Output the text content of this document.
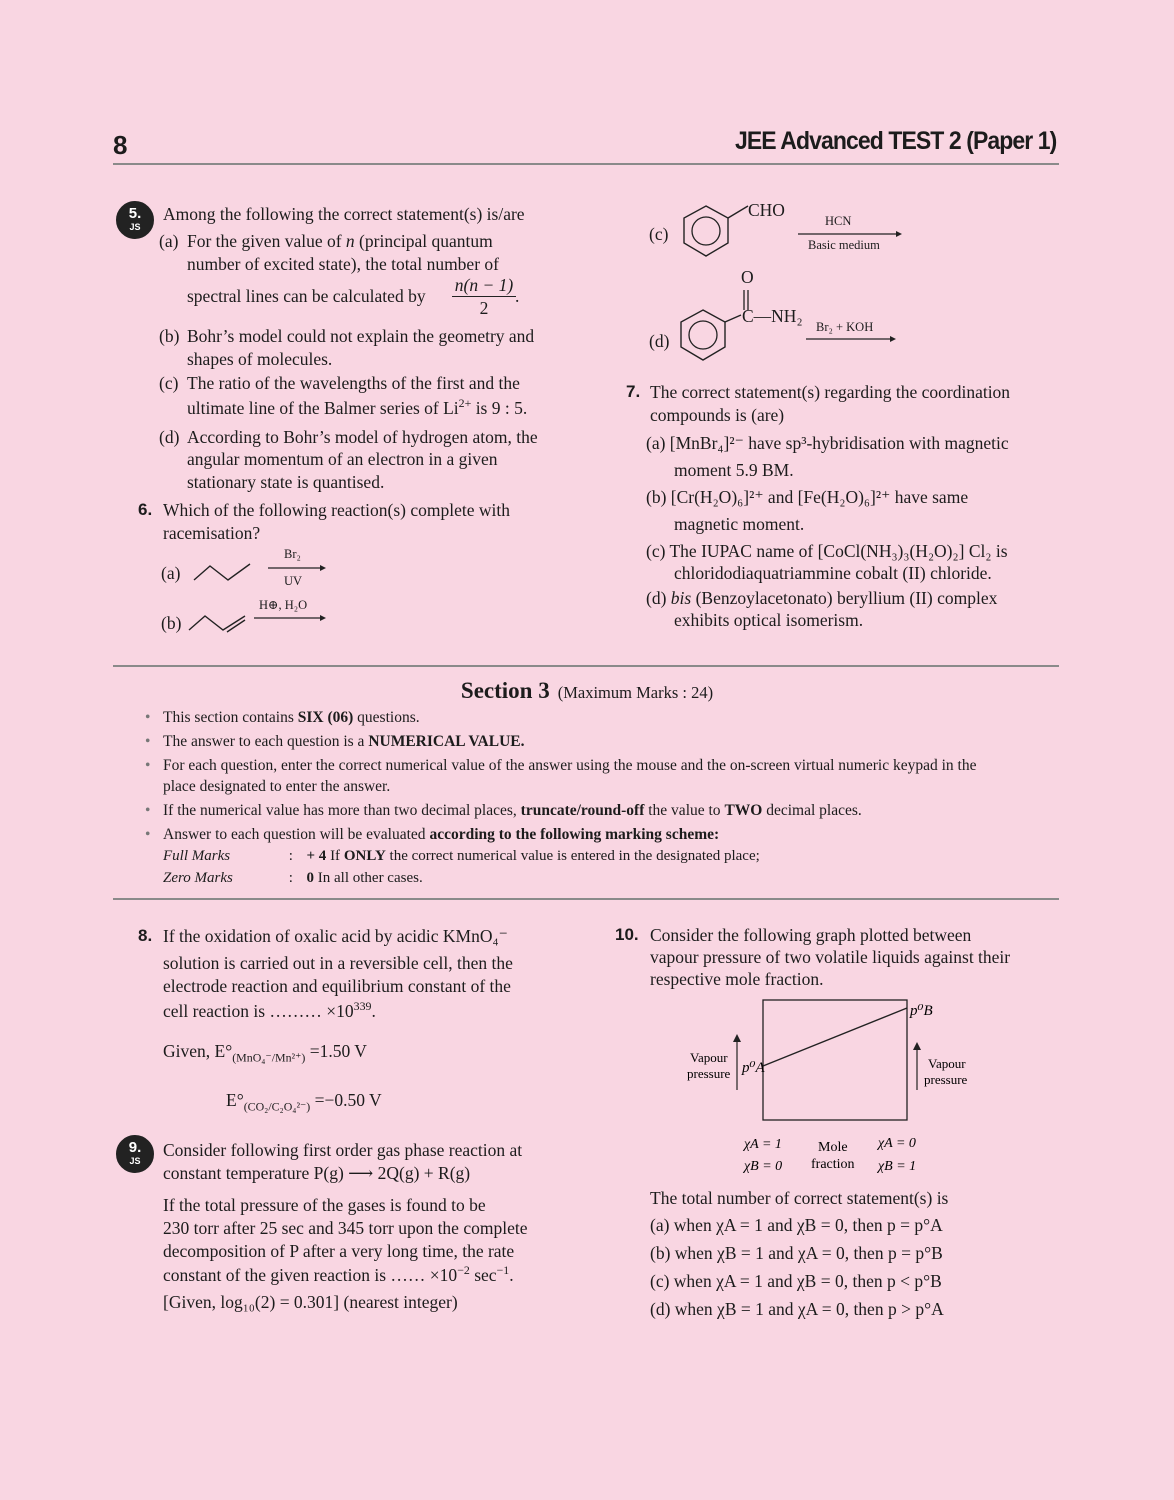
8	JEE Advanced TEST 2 (Paper 1)
5.
JS
Among the following the correct statement(s) is/are
(a) For the given value of n (principal quantum
number of excited state), the total number of
spectral lines can be calculated by $\frac{n(n - 1)}{2}$ .
(b) Bohr’s model could not explain the geometry and
shapes of molecules.
(c) The ratio of the wavelengths of the first and the
ultimate line of the Balmer series of $Li^{2+}$ is 9 : 5.
(d) According to Bohr’s model of hydrogen atom, the
angular momentum of an electron in a given
stationary state is quantised.
6. Which of the following reaction(s) complete with
racemisation?
(a)
Br₂
UV
(b)
H⊕, H₂O
(c)
CHO
HCN
Basic medium
(d)
O
C—NH₂
Br₂ + KOH
7. The correct statement(s) regarding the coordination
compounds is (are)
(a) [MnBr₄]²⁻ have sp³-hybridisation with magnetic
moment 5.9 BM.
(b) [Cr(H₂O)₆]²⁺ and [Fe(H₂O)₆]²⁺ have same
magnetic moment.
(c) The IUPAC name of [CoCl(NH₃)₃(H₂O)₂] Cl₂ is
chloridodiaquatriammine cobalt (II) chloride.
(d) bis (Benzoylacetonato) beryllium (II) complex
exhibits optical isomerism.
Section 3 (Maximum Marks : 24)
• This section contains SIX (06) questions.
• The answer to each question is a NUMERICAL VALUE.
• For each question, enter the correct numerical value of the answer using the mouse and the on-screen virtual numeric keypad in the
place designated to enter the answer.
• If the numerical value has more than two decimal places, truncate/round-off the value to TWO decimal places.
• Answer to each question will be evaluated according to the following marking scheme:
Full Marks	: + 4 If ONLY the correct numerical value is entered in the designated place;
Zero Marks	: 0 In all other cases.
8. If the oxidation of oxalic acid by acidic KMnO₄⁻
solution is carried out in a reversible cell, then the
electrode reaction and equilibrium constant of the
cell reaction is ……… $\times 10^{339}$.
Given, $E^\circ_{(MnO_4^-/Mn^{2+})} =1.50$ V
$E^\circ_{(CO_2/C_2O_4^{2-})} =-0.50$ V
9.
JS
Consider following first order gas phase reaction at
constant temperature P(g) ⟶ 2Q(g) + R(g)
If the total pressure of the gases is found to be
230 torr after 25 sec and 345 torr upon the complete
decomposition of P after a very long time, the rate
constant of the given reaction is …… $\times 10^{-2}$ $\sec^{-1}$.
[Given, log₁₀(2) = 0.301] (nearest integer)
10. Consider the following graph plotted between
vapour pressure of two volatile liquids against their
respective mole fraction.
p⁰B
p⁰A
Vapour
pressure
Vapour
pressure
χA = 1
χB = 0
Mole
fraction
χA = 0
χB = 1
The total number of correct statement(s) is
(a) when χA = 1 and χB = 0, then p = p°A
(b) when χB = 1 and χA = 0, then p = p°B
(c) when χA = 1 and χB = 0, then p < p°B
(d) when χB = 1 and χA = 0, then p > p°A
